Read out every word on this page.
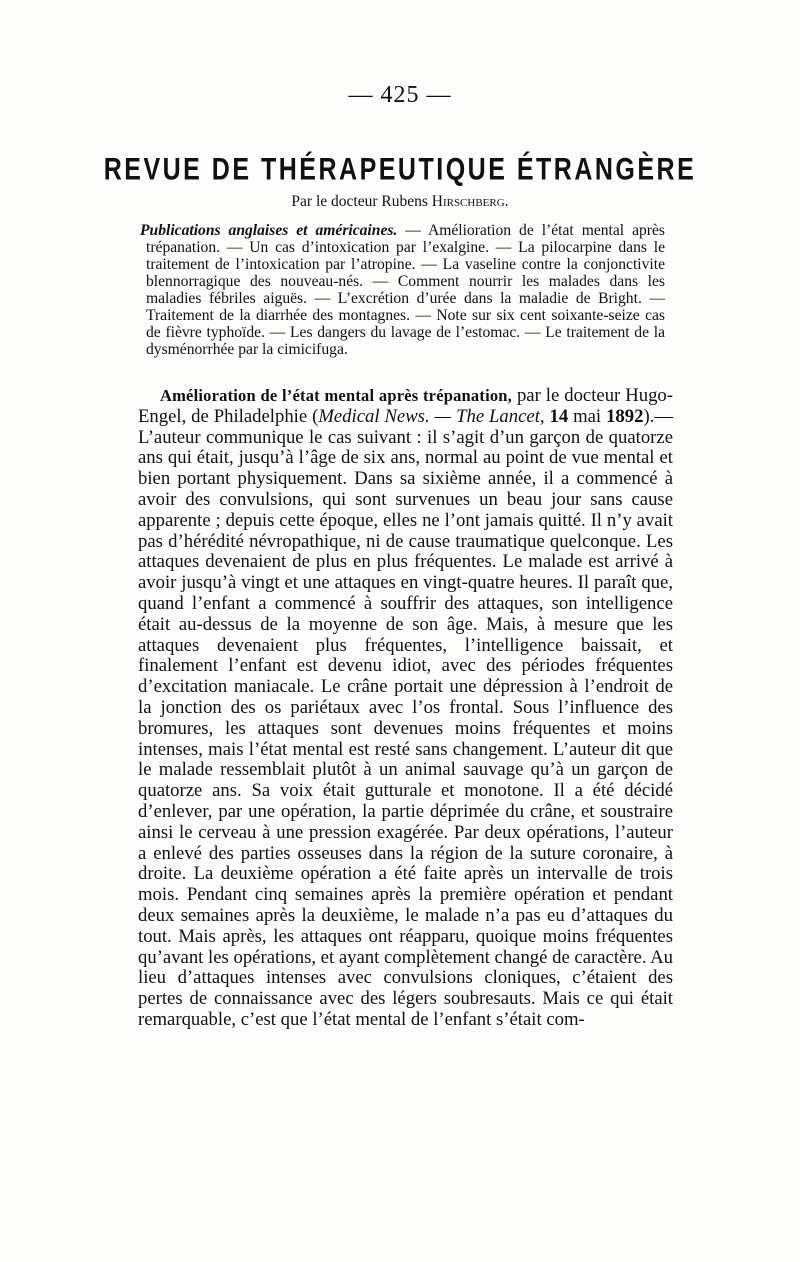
— 425 —
REVUE DE THÉRAPEUTIQUE ÉTRANGÈRE
Par le docteur Rubens Hirschberg.

Publications anglaises et américaines. — Amélioration de l’état mental après trépanation. — Un cas d’intoxication par l’exalgine. — La pilocarpine dans le traitement de l’intoxication par l’atropine. — La vaseline contre la conjonctivite blennorragique des nouveau-nés. — Comment nourrir les malades dans les maladies fébriles aiguës. — L’excrétion d’urée dans la maladie de Bright. — Traitement de la diarrhée des montagnes. — Note sur six cent soixante-seize cas de fièvre typhoïde. — Les dangers du lavage de l’estomac. — Le traitement de la dysménorrhée par la cimicifuga.

Amélioration de l’état mental après trépanation, par le docteur Hugo-Engel, de Philadelphie (Medical News. — The Lancet, 14 mai 1892).— L’auteur communique le cas suivant : il s’agit d’un garçon de quatorze ans qui était, jusqu’à l’âge de six ans, normal au point de vue mental et bien portant physiquement. Dans sa sixième année, il a commencé à avoir des convulsions, qui sont survenues un beau jour sans cause apparente ; depuis cette époque, elles ne l’ont jamais quitté. Il n’y avait pas d’hérédité névropathique, ni de cause traumatique quelconque. Les attaques devenaient de plus en plus fréquentes. Le malade est arrivé à avoir jusqu’à vingt et une attaques en vingt-quatre heures. Il paraît que, quand l’enfant a commencé à souffrir des attaques, son intelligence était au-dessus de la moyenne de son âge. Mais, à mesure que les attaques devenaient plus fréquentes, l’intelligence baissait, et finalement l’enfant est devenu idiot, avec des périodes fréquentes d’excitation maniacale. Le crâne portait une dépression à l’endroit de la jonction des os pariétaux avec l’os frontal. Sous l’influence des bromures, les attaques sont devenues moins fréquentes et moins intenses, mais l’état mental est resté sans changement. L’auteur dit que le malade ressemblait plutôt à un animal sauvage qu’à un garçon de quatorze ans. Sa voix était gutturale et monotone. Il a été décidé d’enlever, par une opération, la partie déprimée du crâne, et soustraire ainsi le cerveau à une pression exagérée. Par deux opérations, l’auteur a enlevé des parties osseuses dans la région de la suture coronaire, à droite. La deuxième opération a été faite après un intervalle de trois mois. Pendant cinq semaines après la première opération et pendant deux semaines après la deuxième, le malade n’a pas eu d’attaques du tout. Mais après, les attaques ont réapparu, quoique moins fréquentes qu’avant les opérations, et ayant complètement changé de caractère. Au lieu d’attaques intenses avec convulsions cloniques, c’étaient des pertes de connaissance avec des légers soubresauts. Mais ce qui était remarquable, c’est que l’état mental de l’enfant s’était com-
